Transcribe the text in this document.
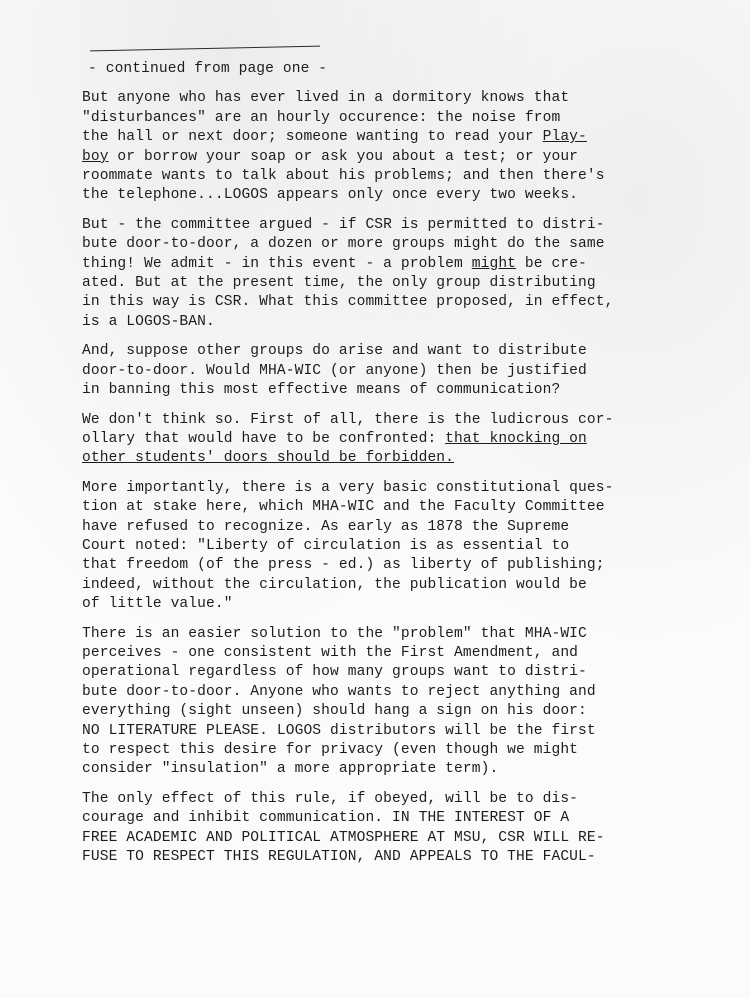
- continued from page one -
But anyone who has ever lived in a dormitory knows that
"disturbances" are an hourly occurence: the noise from
the hall or next door; someone wanting to read your Play-
boy or borrow your soap or ask you about a test; or your
roommate wants to talk about his problems; and then there's
the telephone...LOGOS appears only once every two weeks.
But - the committee argued - if CSR is permitted to distri-
bute door-to-door, a dozen or more groups might do the same
thing! We admit - in this event - a problem might be cre-
ated. But at the present time, the only group distributing
in this way is CSR. What this committee proposed, in effect,
is a LOGOS-BAN.
And, suppose other groups do arise and want to distribute
door-to-door. Would MHA-WIC (or anyone) then be justified
in banning this most effective means of communication?
We don't think so. First of all, there is the ludicrous cor-
ollary that would have to be confronted: that knocking on
other students' doors should be forbidden.
More importantly, there is a very basic constitutional ques-
tion at stake here, which MHA-WIC and the Faculty Committee
have refused to recognize. As early as 1878 the Supreme
Court noted: "Liberty of circulation is as essential to
that freedom (of the press - ed.) as liberty of publishing;
indeed, without the circulation, the publication would be
of little value."
There is an easier solution to the "problem" that MHA-WIC
perceives - one consistent with the First Amendment, and
operational regardless of how many groups want to distri-
bute door-to-door. Anyone who wants to reject anything and
everything (sight unseen) should hang a sign on his door:
NO LITERATURE PLEASE. LOGOS distributors will be the first
to respect this desire for privacy (even though we might
consider "insulation" a more appropriate term).
The only effect of this rule, if obeyed, will be to dis-
courage and inhibit communication. IN THE INTEREST OF A
FREE ACADEMIC AND POLITICAL ATMOSPHERE AT MSU, CSR WILL RE-
FUSE TO RESPECT THIS REGULATION, AND APPEALS TO THE FACUL-
